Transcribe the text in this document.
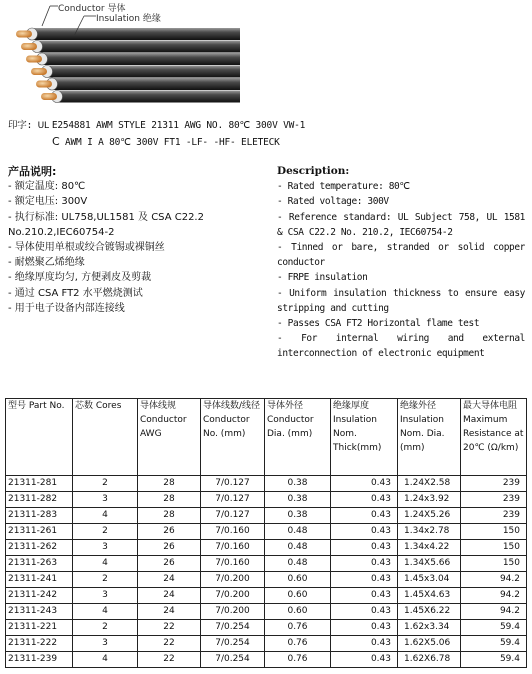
Conductor 导体
Insulation 绝缘
印字: UL E254881 AWM STYLE 21311 AWG NO. 80℃ 300V VW-1
C AWM I A 80℃ 300V FT1 -LF- -HF- ELETECK
产品说明:
- 额定温度: 80℃
- 额定电压: 300V
- 执行标准: UL758,UL1581 及 CSA C22.2
No.210.2,IEC60754-2
- 导体使用单根或绞合镀锡或裸铜丝
- 耐燃聚乙烯绝缘
- 绝缘厚度均匀, 方便剥皮及剪裁
- 通过 CSA FT2 水平燃烧测试
- 用于电子设备内部连接线
Description:
- Rated temperature: 80℃
- Rated voltage: 300V
- Reference standard: UL Subject 758, UL 1581 & CSA C22.2 No. 210.2, IEC60754-2
- Tinned or bare, stranded or solid copper conductor
- FRPE insulation
- Uniform insulation thickness to ensure easy stripping and cutting
- Passes CSA FT2 Horizontal flame test
- For internal wiring and external interconnection of electronic equipment
型号 Part No.	芯数 Cores	导体线规 Conductor AWG	导体线数/线径 Conductor No. (mm)	导体外径 Conductor Dia. (mm)	绝缘厚度 Insulation Nom. Thick(mm)	绝缘外径 Insulation Nom. Dia. (mm)	最大导体电阻 Maximum Resistance at 20℃ (Ω/km)
21311-281	2	28	7/0.127	0.38	0.43	1.24X2.58	239
21311-282	3	28	7/0.127	0.38	0.43	1.24x3.92	239
21311-283	4	28	7/0.127	0.38	0.43	1.24X5.26	239
21311-261	2	26	7/0.160	0.48	0.43	1.34x2.78	150
21311-262	3	26	7/0.160	0.48	0.43	1.34x4.22	150
21311-263	4	26	7/0.160	0.48	0.43	1.34X5.66	150
21311-241	2	24	7/0.200	0.60	0.43	1.45x3.04	94.2
21311-242	3	24	7/0.200	0.60	0.43	1.45X4.63	94.2
21311-243	4	24	7/0.200	0.60	0.43	1.45X6.22	94.2
21311-221	2	22	7/0.254	0.76	0.43	1.62x3.34	59.4
21311-222	3	22	7/0.254	0.76	0.43	1.62X5.06	59.4
21311-239	4	22	7/0.254	0.76	0.43	1.62X6.78	59.4
